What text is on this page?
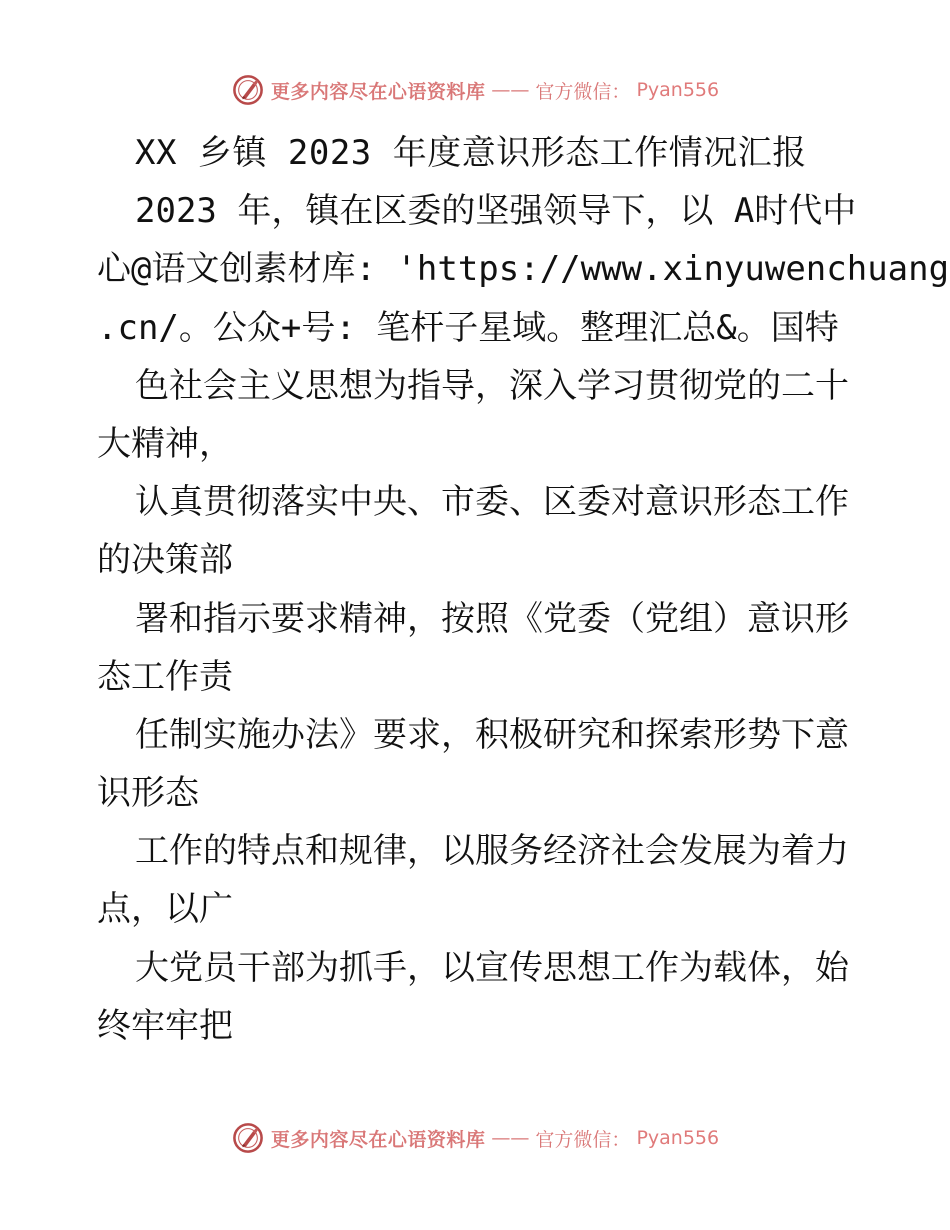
更多内容尽在心语资料库 —— 官方微信： Pyan556
XX 乡镇 2023 年度意识形态工作情况汇报
2023 年，镇在区委的坚强领导下，以 A时代中
心@语文创素材库: 'https://www.xinyuwenchuang
.cn/。公众+号: 笔杆子星域。整理汇总&。国特
色社会主义思想为指导，深入学习贯彻党的二十
大精神，
认真贯彻落实中央、市委、区委对意识形态工作
的决策部
署和指示要求精神，按照《党委（党组）意识形
态工作责
任制实施办法》要求，积极研究和探索形势下意
识形态
工作的特点和规律，以服务经济社会发展为着力
点，以广
大党员干部为抓手，以宣传思想工作为载体，始
终牢牢把
更多内容尽在心语资料库 —— 官方微信： Pyan556
